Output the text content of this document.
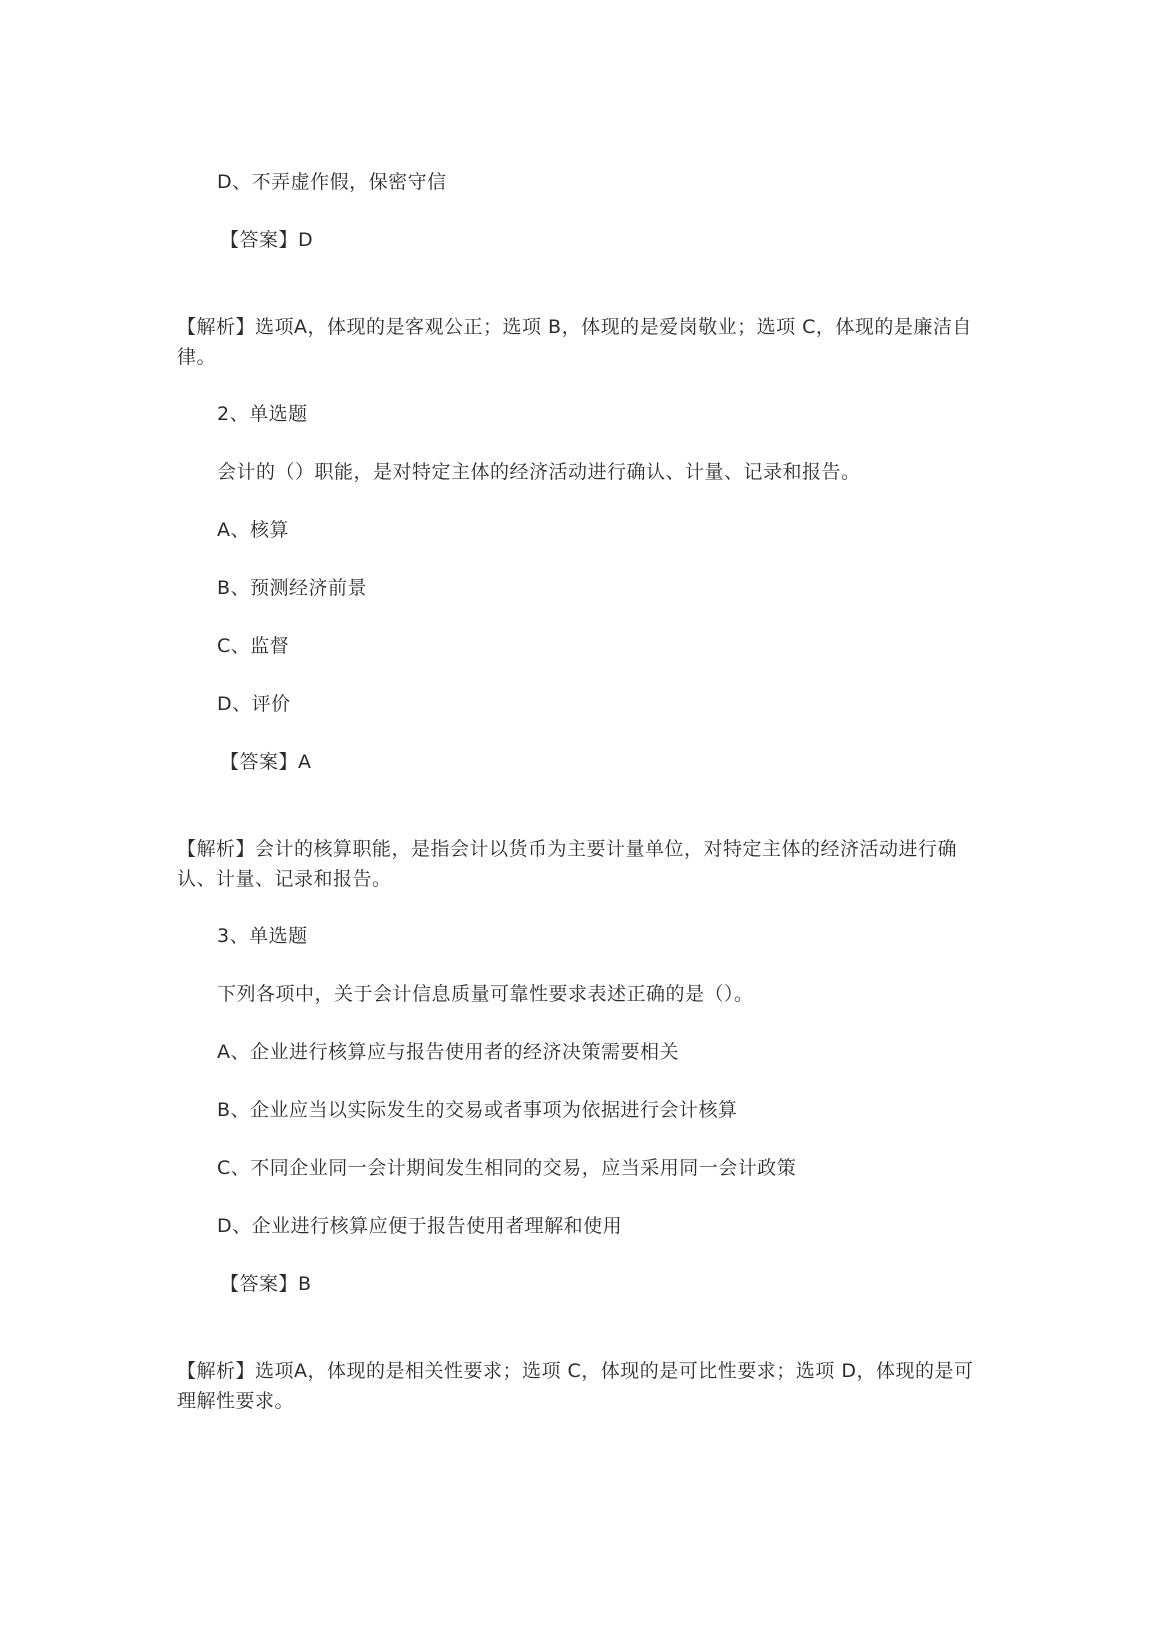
D、不弄虚作假，保密守信
【答案】D
【解析】选项A，体现的是客观公正；选项 B，体现的是爱岗敬业；选项 C，体现的是廉洁自律。
2、单选题
会计的（）职能，是对特定主体的经济活动进行确认、计量、记录和报告。
A、核算
B、预测经济前景
C、监督
D、评价
【答案】A
【解析】会计的核算职能，是指会计以货币为主要计量单位，对特定主体的经济活动进行确认、计量、记录和报告。
3、单选题
下列各项中，关于会计信息质量可靠性要求表述正确的是（）。
A、企业进行核算应与报告使用者的经济决策需要相关
B、企业应当以实际发生的交易或者事项为依据进行会计核算
C、不同企业同一会计期间发生相同的交易，应当采用同一会计政策
D、企业进行核算应便于报告使用者理解和使用
【答案】B
【解析】选项A，体现的是相关性要求；选项 C，体现的是可比性要求；选项 D，体现的是可理解性要求。
